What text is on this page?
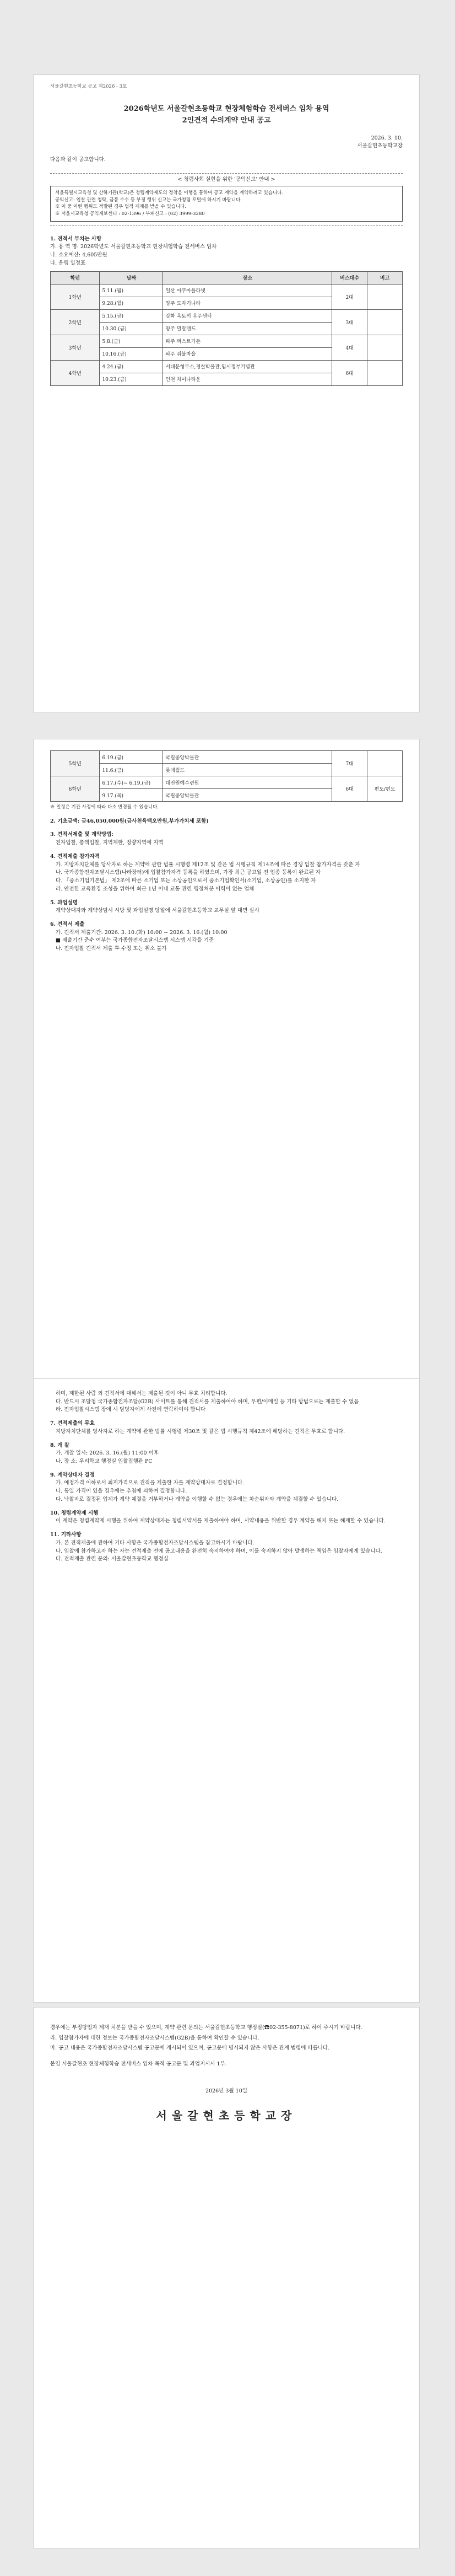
서울갈현초등학교 공고 제2026 - 3호
2026학년도 서울갈현초등학교 현장체험학습 전세버스 임차 용역
2인견적 수의계약 안내 공고
2026. 3. 10.
서울갈현초등학교장
다음과 같이 공고합니다.
< 청렴사회 실현을 위한 '공익신고' 안내 >
서울특별시교육청 및 산하기관(학교)은 청렴계약제도의 정착을 이행을 통하여 공고 계약을 계약하려고 있습니다.
공익신고: 입찰 관련 청탁, 금품 수수 등 부정 행위 신고는 국가청렴 포털에 하시기 바랍니다.
※ 이 중 어떤 행위도 적발된 경우 법적 제재를 받을 수 있습니다.
※ 서울시교육청 공익제보센터 : 02-1396 / 부패신고 : (02) 3999-3280
1. 견적서 부치는 사항
가. 용 역 명: 2026학년도 서울갈현초등학교 현장체험학습 전세버스 임차
나. 소요예산: 4,605만원
다. 운행 일정표
학년	날짜	장소	버스대수	비고
1학년	5.11.(월)	일산 아쿠아플라넷	2대	
	9.28.(월)	양주 도자기나라		
2학년	5.15.(금)	강화 옥토끼 우주센터	3대	
	10.30.(금)	양주 밀랍랜드		
3학년	5.8.(금)	파주 퍼스트가든	4대	
	10.16.(금)	파주 쥐불마을		
4학년	4.24.(금)	서대문형무소,경찰박물관,임시정부기념관	6대	
	10.23.(금)	인천 차이나타운		
5학년	6.19.(금)	국립중앙박물관	7대	
	11.6.(금)	롯데월드		
6학년	6.17.(수)~ 6.19.(금)	대전원예수련원	6대	편도/편도
	9.17.(목)	국립중앙박물관		
※ 일정은 기관 사정에 따라 다소 변경될 수 있습니다.
2. 기초금액: 금46,050,000원(금사천육백오만원,부가가치세 포함)
3. 견적서제출 및 계약방법:
전자입찰, 총액입찰, 지역제한, 정량지역에 지역
4. 견적제출 참가자격
가. 지방자치단체를 당사자로 하는 계약에 관한 법률 시행령 제12조 및 같은 법 시행규칙 제14조에 따른 경쟁 입찰 참가자격을 갖춘 자
나. 국가종합전자조달시스템(나라장터)에 입찰참가자격 등록을 하였으며, 가장 최근 공고일 전 업종 등록이 완료된 자
다. 「중소기업기본법」 제2조에 따른 소기업 또는 소상공인으로서 중소기업확인서(소기업, 소상공인)를 소지한 자
라. 안전한 교육환경 조성을 위하여 최근 1년 이내 교통 관련 행정처분 이력이 없는 업체
5. 과업설명
계약상대자와 계약상담시 시방 및 과업설명 당일에 서울갈현초등학교 교무실 앞 대면 실시
6. 견적서 제출
가. 견적서 제출기간: 2026. 3. 10.(화) 10:00 ~ 2026. 3. 16.(월) 10:00
■ 제출기간 준수 여부는 국가종합전자조달시스템 시스템 시각을 기준
나. 전자입찰 견적서 제출 후 수정 또는 취소 불가
하며, 제한된 사람 외 견적서에 대해서는 제출된 것이 아니 무효 처리합니다.
다. 반드시 조달청 국가종합전자조달(G2B) 사이트를 통해 견적서를 제출하여야 하며, 우편/이메일 등 기타 방법으로는 제출할 수 없음
라. 전자입찰시스템 장애 시 담당자에게 사전에 연락하여야 합니다
7. 견적제출의 무효
지방자치단체를 당사자로 하는 계약에 관한 법률 시행령 제30조 및 같은 법 시행규칙 제42조에 해당하는 견적은 무효로 합니다.
8. 개 찰
가. 개찰 일시: 2026. 3. 16.(월) 11:00 이후
나. 장 소: 우리학교 행정실 입찰집행관 PC
9. 계약상대자 결정
가. 예정가격 이하로서 최저가격으로 견적을 제출한 자를 계약상대자로 결정합니다.
나. 동일 가격이 있을 경우에는 추첨에 의하여 결정합니다.
다. 낙찰자로 결정된 업체가 계약 체결을 거부하거나 계약을 이행할 수 없는 경우에는 차순위자와 계약을 체결할 수 있습니다.
10. 청렴계약제 시행
이 계약은 청렴계약제 시행을 위하여 계약상대자는 청렴서약서를 제출하여야 하며, 서약내용을 위반할 경우 계약을 해지 또는 해제할 수 있습니다.
11. 기타사항
가. 본 견적제출에 관하여 기타 사항은 국가종합전자조달시스템을 참고하시기 바랍니다.
나. 입찰에 참가하고자 하는 자는 견적제출 전에 공고내용을 완전히 숙지하여야 하며, 이를 숙지하지 않아 발생하는 책임은 입찰자에게 있습니다.
다. 견적제출 관련 문의: 서울갈현초등학교 행정실
경우에는 부정당업자 제재 처분을 받을 수 있으며, 계약 관련 문의는 서울갈현초등학교 행정실(☎02-355-8071)로 하여 주시기 바랍니다.
라. 입찰참가자에 대한 정보는 국가종합전자조달시스템(G2B)을 통하여 확인할 수 있습니다.
마. 공고 내용은 국가종합전자조달시스템 공고문에 게시되어 있으며, 공고문에 명시되지 않은 사항은 관계 법령에 따릅니다.
붙임 서울갈현초 현장체험학습 전세버스 임차 목적 공고문 및 과업지시서 1부.
2026년 3월 10일
서울갈현초등학교장
